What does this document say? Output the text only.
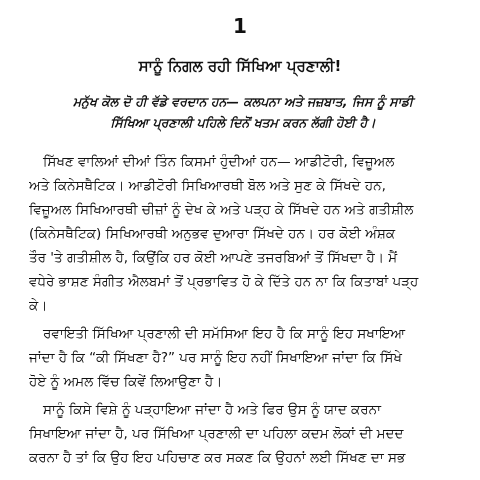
1
ਸਾਨੂੰ ਨਿਗਲ ਰਹੀ ਸਿੱਖਿਆ ਪ੍ਰਣਾਲੀ!
ਮਨੁੱਖ ਕੋਲ ਦੋ ਹੀ ਵੱਡੇ ਵਰਦਾਨ ਹਨ— ਕਲਪਨਾ ਅਤੇ ਜਜ਼ਬਾਤ, ਜਿਸ ਨੂੰ ਸਾਡੀ
ਸਿੱਖਿਆ ਪ੍ਰਣਾਲੀ ਪਹਿਲੇ ਦਿਨੋਂ ਖਤਮ ਕਰਨ ਲੱਗੀ ਹੋਈ ਹੈ।

ਸਿੱਖਣ ਵਾਲਿਆਂ ਦੀਆਂ ਤਿੰਨ ਕਿਸਮਾਂ ਹੁੰਦੀਆਂ ਹਨ— ਆਡੀਟੋਰੀ, ਵਿਜ਼ੂਅਲ
ਅਤੇ ਕਿਨੇਸਥੈਟਿਕ। ਆਡੀਟੋਰੀ ਸਿਖਿਆਰਥੀ ਬੋਲ ਅਤੇ ਸੁਣ ਕੇ ਸਿੱਖਦੇ ਹਨ,
ਵਿਜ਼ੂਅਲ ਸਿਖਿਆਰਥੀ ਚੀਜ਼ਾਂ ਨੂੰ ਦੇਖ ਕੇ ਅਤੇ ਪੜ੍ਹ ਕੇ ਸਿੱਖਦੇ ਹਨ ਅਤੇ ਗਤੀਸ਼ੀਲ
(ਕਿਨੇਸਥੈਟਿਕ) ਸਿਖਿਆਰਥੀ ਅਨੁਭਵ ਦੁਆਰਾ ਸਿੱਖਦੇ ਹਨ। ਹਰ ਕੋਈ ਅੰਸ਼ਕ
ਤੌਰ 'ਤੇ ਗਤੀਸ਼ੀਲ ਹੈ, ਕਿਉਂਕਿ ਹਰ ਕੋਈ ਆਪਣੇ ਤਜਰਬਿਆਂ ਤੋਂ ਸਿੱਖਦਾ ਹੈ। ਮੈਂ
ਵਧੇਰੇ ਭਾਸ਼ਣ ਸੰਗੀਤ ਐਲਬਮਾਂ ਤੋਂ ਪ੍ਰਭਾਵਿਤ ਹੋ ਕੇ ਦਿੱਤੇ ਹਨ ਨਾ ਕਿ ਕਿਤਾਬਾਂ ਪੜ੍ਹ
ਕੇ।

ਰਵਾਇਤੀ ਸਿੱਖਿਆ ਪ੍ਰਣਾਲੀ ਦੀ ਸਮੱਸਿਆ ਇਹ ਹੈ ਕਿ ਸਾਨੂੰ ਇਹ ਸਖਾਇਆ
ਜਾਂਦਾ ਹੈ ਕਿ “ਕੀ ਸਿੱਖਣਾ ਹੈ?” ਪਰ ਸਾਨੂੰ ਇਹ ਨਹੀਂ ਸਿਖਾਇਆ ਜਾਂਦਾ ਕਿ ਸਿੱਖੇ
ਹੋਏ ਨੂੰ ਅਮਲ ਵਿੱਚ ਕਿਵੇਂ ਲਿਆਉਣਾ ਹੈ।

ਸਾਨੂੰ ਕਿਸੇ ਵਿਸ਼ੇ ਨੂੰ ਪੜ੍ਹਾਇਆ ਜਾਂਦਾ ਹੈ ਅਤੇ ਫਿਰ ਉਸ ਨੂੰ ਯਾਦ ਕਰਨਾ
ਸਿਖਾਇਆ ਜਾਂਦਾ ਹੈ, ਪਰ ਸਿੱਖਿਆ ਪ੍ਰਣਾਲੀ ਦਾ ਪਹਿਲਾ ਕਦਮ ਲੋਕਾਂ ਦੀ ਮਦਦ
ਕਰਨਾ ਹੈ ਤਾਂ ਕਿ ਉਹ ਇਹ ਪਹਿਚਾਣ ਕਰ ਸਕਣ ਕਿ ਉਹਨਾਂ ਲਈ ਸਿੱਖਣ ਦਾ ਸਭ
